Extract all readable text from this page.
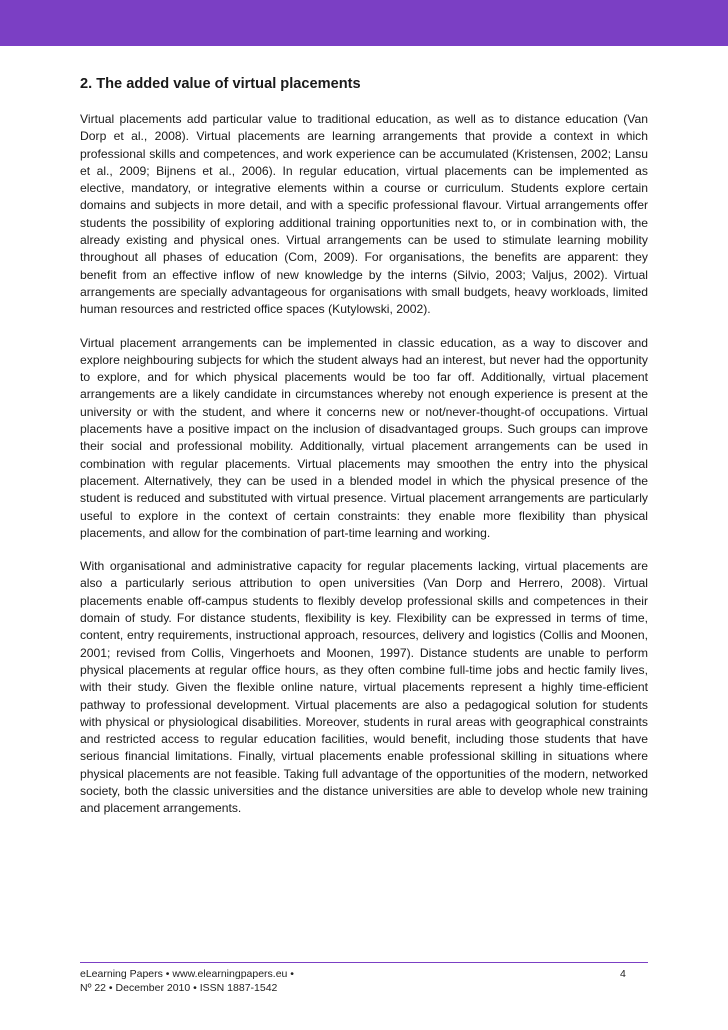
2. The added value of virtual placements

Virtual placements add particular value to traditional education, as well as to distance education (Van Dorp et al., 2008). Virtual placements are learning arrangements that provide a context in which professional skills and competences, and work experience can be accumulated (Kristensen, 2002; Lansu et al., 2009; Bijnens et al., 2006). In regular education, virtual placements can be implemented as elective, mandatory, or integrative elements within a course or curriculum. Students explore certain domains and subjects in more detail, and with a specific professional flavour. Virtual arrangements offer students the possibility of exploring additional training opportunities next to, or in combination with, the already existing and physical ones. Virtual arrangements can be used to stimulate learning mobility throughout all phases of education (Com, 2009). For organisations, the benefits are apparent: they benefit from an effective inflow of new knowledge by the interns (Silvio, 2003; Valjus, 2002). Virtual arrangements are specially advantageous for organisations with small budgets, heavy workloads, limited human resources and restricted office spaces (Kutylowski, 2002).

Virtual placement arrangements can be implemented in classic education, as a way to discover and explore neighbouring subjects for which the student always had an interest, but never had the opportunity to explore, and for which physical placements would be too far off. Additionally, virtual placement arrangements are a likely candidate in circumstances whereby not enough experience is present at the university or with the student, and where it concerns new or not/never-thought-of occupations. Virtual placements have a positive impact on the inclusion of disadvantaged groups. Such groups can improve their social and professional mobility. Additionally, virtual placement arrangements can be used in combination with regular placements. Virtual placements may smoothen the entry into the physical placement. Alternatively, they can be used in a blended model in which the physical presence of the student is reduced and substituted with virtual presence. Virtual placement arrangements are particularly useful to explore in the context of certain constraints: they enable more flexibility than physical placements, and allow for the combination of part-time learning and working.

With organisational and administrative capacity for regular placements lacking, virtual placements are also a particularly serious attribution to open universities (Van Dorp and Herrero, 2008). Virtual placements enable off-campus students to flexibly develop professional skills and competences in their domain of study. For distance students, flexibility is key. Flexibility can be expressed in terms of time, content, entry requirements, instructional approach, resources, delivery and logistics (Collis and Moonen, 2001; revised from Collis, Vingerhoets and Moonen, 1997). Distance students are unable to perform physical placements at regular office hours, as they often combine full-time jobs and hectic family lives, with their study. Given the flexible online nature, virtual placements represent a highly time-efficient pathway to professional development. Virtual placements are also a pedagogical solution for students with physical or physiological disabilities. Moreover, students in rural areas with geographical constraints and restricted access to regular education facilities, would benefit, including those students that have serious financial limitations. Finally, virtual placements enable professional skilling in situations where physical placements are not feasible. Taking full advantage of the opportunities of the modern, networked society, both the classic universities and the distance universities are able to develop whole new training and placement arrangements.

eLearning Papers • www.elearningpapers.eu •
Nº 22 • December 2010 • ISSN 1887-1542
4
